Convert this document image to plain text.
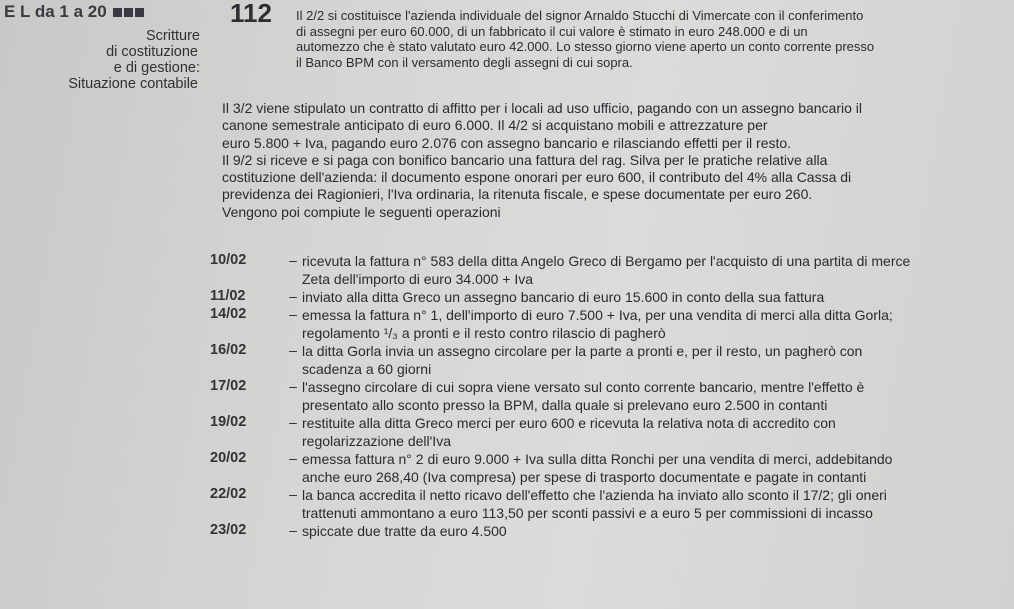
E L da 1 a 20	112
Scritture
di costituzione
e di gestione:
Situazione contabile
Il 2/2 si costituisce l'azienda individuale del signor Arnaldo Stucchi di Vimercate con il conferimento
di assegni per euro 60.000, di un fabbricato il cui valore è stimato in euro 248.000 e di un
automezzo che è stato valutato euro 42.000. Lo stesso giorno viene aperto un conto corrente presso
il Banco BPM con il versamento degli assegni di cui sopra.
Il 3/2 viene stipulato un contratto di affitto per i locali ad uso ufficio, pagando con un assegno bancario il
canone semestrale anticipato di euro 6.000. Il 4/2 si acquistano mobili e attrezzature per
euro 5.800 + Iva, pagando euro 2.076 con assegno bancario e rilasciando effetti per il resto.
Il 9/2 si riceve e si paga con bonifico bancario una fattura del rag. Silva per le pratiche relative alla
costituzione dell'azienda: il documento espone onorari per euro 600, il contributo del 4% alla Cassa di
previdenza dei Ragionieri, l'Iva ordinaria, la ritenuta fiscale, e spese documentate per euro 260.
Vengono poi compiute le seguenti operazioni
10/02	– ricevuta la fattura n° 583 della ditta Angelo Greco di Bergamo per l'acquisto di una partita di merce
Zeta dell'importo di euro 34.000 + Iva
11/02	– inviato alla ditta Greco un assegno bancario di euro 15.600 in conto della sua fattura
14/02	– emessa la fattura n° 1, dell'importo di euro 7.500 + Iva, per una vendita di merci alla ditta Gorla;
regolamento ¹/₃ a pronti e il resto contro rilascio di pagherò
16/02	– la ditta Gorla invia un assegno circolare per la parte a pronti e, per il resto, un pagherò con
scadenza a 60 giorni
17/02	– l'assegno circolare di cui sopra viene versato sul conto corrente bancario, mentre l'effetto è
presentato allo sconto presso la BPM, dalla quale si prelevano euro 2.500 in contanti
19/02	– restituite alla ditta Greco merci per euro 600 e ricevuta la relativa nota di accredito con
regolarizzazione dell'Iva
20/02	– emessa fattura n° 2 di euro 9.000 + Iva sulla ditta Ronchi per una vendita di merci, addebitando
anche euro 268,40 (Iva compresa) per spese di trasporto documentate e pagate in contanti
22/02	– la banca accredita il netto ricavo dell'effetto che l'azienda ha inviato allo sconto il 17/2; gli oneri
trattenuti ammontano a euro 113,50 per sconti passivi e a euro 5 per commissioni di incasso
23/02	– spiccate due tratte da euro 4.500
